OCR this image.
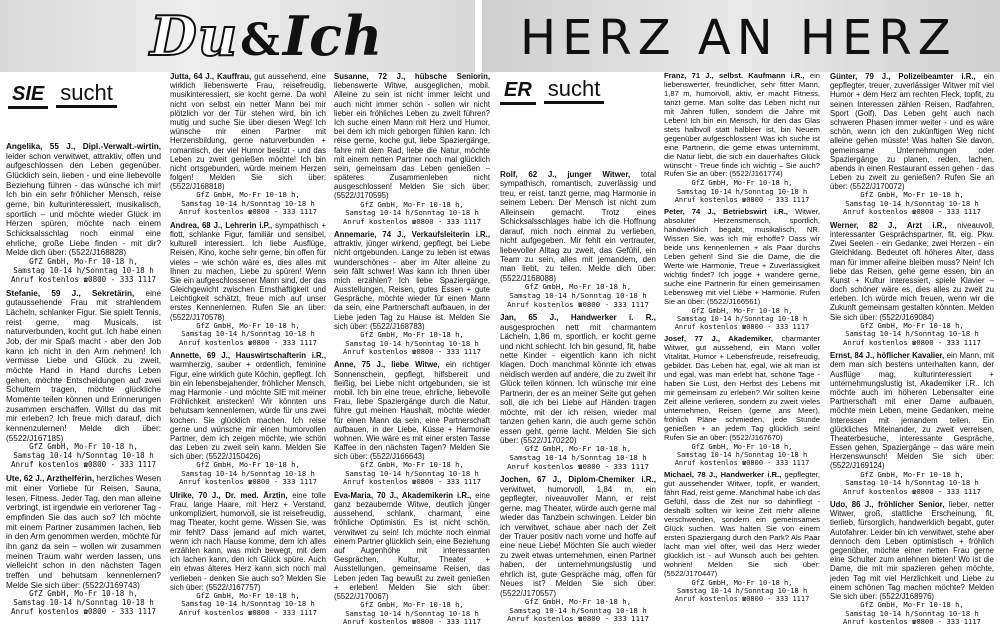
Du&Ich	HERZ AN HERZ
SIE sucht	ER sucht
Angelika, 55 J., Dipl.-Verwalt.-wirtin, leider schon verwitwet, attraktiv, offen und aufgeschlossen den Leben gegenüber. Glücklich sein, lieben - und eine liebevolle Beziehung führen - das wünsche ich mir! Ich bin ein sehr fröhlicher Mensch, reise gerne, bin kulturinteressiert, musikalisch, sportlich – und möchte wieder Glück im Herzen spüren, möchte nach einem Schicksalsschlag noch einmal eine ehrliche, große Liebe finden - mit dir? Melde dich über: (5522/J168828)
GfZ GmbH, Mo-Fr 10-18 h,
Samstag 10-14 h/Sonntag 10-18 h
Anruf kostenlos ☎ 0800 - 333 1117
Stefanie, 59 J., Sekretärin, eine gutaussehende Frau mit strahlendem Lächeln, schlanker Figur. Sie spielt Tennis, reist gerne, mag Musicals, ist naturverbunden, kocht gut. Ich habe einen Job, der mir Spaß macht - aber den Job kann ich nicht in den Arm nehmen! Ich vermisse Liebe und Glück zu zweit, möchte Hand in Hand durchs Leben gehen, möchte Entscheidungen auf zwei Schultern tragen, möchte glückliche Momente teilen können und Erinnerungen zusammen erschaffen. Willst du das mit mir erleben? Ich freue mich darauf, dich kennenzulernen! Melde dich über: (5522/J167185)
GfZ GmbH, Mo-Fr 10-18 h,
Samstag 10-14 h/Sonntag 10-18 h
Anruf kostenlos ☎ 0800 - 333 1117
Ute, 62 J., Arzthelferin, herzliches Wesen mit einer Vorliebe für Reisen, Sauna, lesen, Fitness. Jeder Tag, den man alleine verbringt, ist irgendwie ein verlorener Tag - empfinden Sie das auch so? Ich möchte mit einem Partner zusammen lachen, lieb in den Arm genommen werden, möchte für ihn ganz da sein – wollen wir zusammen meinen Traum wahr werden lassen, uns vielleicht schon in den nächsten Tagen treffen und behutsam kennenlernen? Melde Sie sich über: (5522/J169743)
GfZ GmbH, Mo-Fr 10-18 h,
Samstag 10-14 h/Sonntag 10-18 h
Anruf kostenlos ☎ 0800 - 333 1117
Jutta, 64 J., Kauffrau, gut aussehend, eine wirklich liebenswerte Frau, reisefreudig, musikinteressiert, sie kocht gerne. Da wohl nicht von selbst ein netter Mann bei mir plötzlich vor der Tür stehen wird, bin ich mutig und suche Sie über diesen Weg! Ich wünsche mir einen Partner mit Herzensbildung, gerne naturverbunden + romantisch, der viel Humor besitzt - und das Leben zu zweit genießen möchte! Ich bin nicht ortsgebunden, würde meinem Herzen folgen! Melden Sie sich über: (5522/J168818)
GfZ GmbH, Mo-Fr 10-18 h,
Samstag 10-14 h/Sonntag 10-18 h
Anruf kostenlos ☎ 0800 - 333 1117
Andrea, 68 J., Lehrerin i.P., sympathisch + flott, schlanke Figur, familiär und sensibel, kulturell interessiert. Ich liebe Ausflüge, Reisen, Kino, koche sehr gerne, bin offen für vieles – wie schön wäre es, dies alles mit Ihnen zu machen, Liebe zu spüren! Wenn Sie ein aufgeschlossener Mann sind, der das Gleichgewicht zwischen Ernsthaftigkeit und Leichtigkeit schätzt, freue mich auf unser erstes Kennenlernen. Rufen Sie an über: (5522/J170578)
GfZ GmbH, Mo-Fr 10-18 h,
Samstag 10-14 h/Sonntag 10-18 h
Anruf kostenlos ☎ 0800 - 333 1117
Annette, 69 J., Hauswirtschafterin i.R., warmherzig, sauber + ordentlich, feminine Figur, eine wirklich gute Köchin, gepflegt. Ich bin ein lebensbejahender, fröhlicher Mensch, mag Harmonie - und möchte SIE mit meiner Fröhlichkeit anstecken! Wir könnten uns behutsam kennenlernen, würde für uns zwei kochen. Sie glücklich machen. Ich reise gerne und wünsche mir einen humorvollen Partner, dem ich zeigen möchte, wie schön das Leben zu zweit sein kann. Melden Sie sich über: (5522/J150426)
GfZ GmbH, Mo-Fr 10-18 h,
Samstag 10-14 h/Sonntag 10-18 h
Anruf kostenlos ☎ 0800 - 333 1117
Ulrike, 70 J., Dr. med. Ärztin, eine tolle Frau, lange Haare, mit Herz + Verstand, unkompliziert, humorvoll, sie ist reisefreudig, mag Theater, kocht gerne. Wissen Sie, was mir fehlt? Dass jemand auf mich wartet, wenn ich nach Hause komme, dem ich alles erzählen kann, was mich bewegt, mit dem ich lachen kann, den ich Glück spüre. Auch ein etwas älteres Herz kann sich noch mal verlieben - denken Sie auch so? Melden Sie sich über: (5522/J167757)
GfZ GmbH, Mo-Fr 10-18 h,
Samstag 10-14 h/Sonntag 10-18 h
Anruf kostenlos ☎ 0800 - 333 1117
Susanne, 72 J., hübsche Seniorin, liebenswerte Witwe, ausgeglichen, mobil. Alleine zu sein ist nicht immer leicht und auch nicht immer schön - sollen wir nicht lieber ein fröhliches Leben zu zweit führen? Ich suche einen Mann mit Herz und Humor, bei dem ich mich geborgen fühlen kann. Ich reise gerne, koche gut, liebe Spaziergänge, fahre mit dem Rad, liebe die Natur, möchte mit einem netten Partner noch mal glücklich sein, gemeinsam das Leben genießen – späteres Zusammenleben nicht ausgeschlossen! Melden Sie sich über: (5522/J170595)
GfZ GmbH, Mo-Fr 10-18 h,
Samstag 10-14 h/Sonntag 10-18 h
Anruf kostenlos ☎ 0800 - 333 1117
Annemarie, 74 J., Verkaufsleiterin i.R., attraktiv, jünger wirkend, gepflegt, bei Liebe nicht ortgebunden. Lange zu leben ist etwas wunderschönes - aber im Alter alleine zu sein fällt schwer! Was kann ich Ihnen über mich erzählen? Ich liebe Spaziergänge, Ausstellungen, Reisen, gutes Essen + gute Gespräche, möchte wieder für einen Mann da sein, eine Partnerschaft aufbauen, in der Liebe jeden Tag zu Hause ist. Melden Sie sich über: (5522/J168783)
GfZ GmbH, Mo-Fr 10-18 h,
Samstag 10-14 h/Sonntag 10-18 h
Anruf kostenlos ☎ 0800 - 333 1117
Anne, 75 J., liebe Witwe, ein richtiger Sonnenschein, gepflegt, hilfsbereit und fleißig, bei Liebe nicht ortgebunden, sie ist mobil. Ich bin eine treue, ehrliche, liebevolle Frau, liebe Spaziergänge durch die Natur, führe gut meinen Haushalt, möchte wieder für einen Mann da sein, eine Partnerschaft aufbauen, in der Liebe, Küsse + Harmonie wohnen. Wie wäre es mit einer ersten Tasse Kaffee in den nächsten Tagen? Melden Sie sich über: (5522/J166643)
GfZ GmbH, Mo-Fr 10-18 h,
Samstag 10-14 h/Sonntag 10-18 h
Anruf kostenlos ☎ 0800 - 333 1117
Eva-Maria, 70 J., Akademikerin i.R., eine ganz bezaubernde Witwe, deutlich jünger aussehend, schlank, charmant, eine fröhliche Optimistin. Es ist nicht schön, verwitwet zu sein! Ich möchte noch einmal einem Partner glücklich sein, eine Beziehung auf Augenhöhe mit interessanten Gesprächen, Kultur, Theater + Ausstellungen, gemeinsame Reisen, das Leben jeden Tag bewußt zu zweit genießen + erleben! Melden Sie sich über: (5522/J170067)
GfZ GmbH, Mo-Fr 10-18 h,
Samstag 10-14 h/Sonntag 10-18 h
Anruf kostenlos ☎ 0800 - 333 1117
Rolf, 62 J., junger Witwer, total sympathisch, romantisch, zuverlässig und treu, er reist, tanzt gerne, mag Harmonie in seinem Leben. Der Mensch ist nicht zum Alleinsein gemacht. Trotz eines Schicksalsschlages habe ich die Hoffnung darauf, mich noch einmal zu verlieben, nicht aufgegeben. Mir fehlt ein vertrauter, liebevoller Alltag zu zweit, das Gefühl, ein Team zu sein, alles mit jemandem, den man liebt, zu teilen. Melde dich über: (5522/J168088)
GfZ GmbH, Mo-Fr 10-18 h,
Samstag 10-14 h/Sonntag 10-18 h
Anruf kostenlos ☎ 0800 - 333 1117
Jan, 65 J., Handwerker i. R., ausgesprochen nett mit charmantem Lächeln, 1,86 m, sportlich, er kocht gerne und nicht schlecht. Ich bin gesund, fit, habe nette Kinder - eigentlich kann ich nicht klagen. Doch manchmal könnte ich etwas neidisch werden auf andere, die zu zweit ihr Glück teilen können. Ich wünsche mir eine Partnerin, der es an meiner Seite gut gehen soll, die ich bei Liebe auf Händen tragen möchte, mit der ich reisen, wieder mal tanzen gehen kann, die auch gerne schön essen geht, gerne lacht. Melden Sie sich über: (5522/J170220)
GfZ GmbH, Mo-Fr 10-18 h,
Samstag 10-14 h/Sonntag 10-18 h
Anruf kostenlos ☎ 0800 - 333 1117
Jochen, 67 J., Diplom-Chemiker i.R., verwitwet, humorvoll, 1,84 m, ein gepflegter, niveauvoller Mann, er reist gerne, mag Theater, würde auch gerne mal wieder das Tanzbein schwingen. Leider bin ich verwitwet, schaue aber nach der Zeit der Trauer positiv nach vorne und hoffe auf eine neue Liebe! Möchten Sie auch wieder zu zweit etwas unternehmen, einen Partner haben, der unternehmungslustig und ehrlich ist, gute Gespräche mag, offen für Neues ist? Melden Sie sich über: (5522/J170557)
GfZ GmbH, Mo-Fr 10-18 h,
Samstag 10-14 h/Sonntag 10-18 h
Anruf kostenlos ☎ 0800 - 333 1117
Franz, 71 J., selbst. Kaufmann i.R., ein liebenswerter, freundlicher, sehr fitter Mann, 1,87 m, humorvoll, aktiv, er macht Fitness, tanzt gerne. Man sollte das Leben nicht nur mit Jahren füllen, sondern die Jahre mit Leben! Ich bin ein Mensch, für den das Glas stets halbvoll statt halbleer ist, bin Neuem gegenüber aufgeschlossen! Was ich suche ist eine Partnerin, die gerne etwas unternimmt, die Natur liebt, die sich ein dauerhaftes Glück wünscht - Treue finde ich wichtig – Sie auch? Rufen Sie an über: (5522/J161774)
GfZ GmbH, Mo-Fr 10-18 h,
Samstag 10-14 h/Sonntag 10-18 h
Anruf kostenlos ☎ 0800 - 333 1117
Peter, 74 J., Betriebswirt i.R., Witwer, absoluter Herzensmensch, sportlich, handwerklich begabt, musikalisch, NR. Wissen Sie, was ich mir erhoffe? Dass wir beide uns kennenlernen + als Paar durchs Leben gehen! Sind Sie die Dame, die die Werte wie Harmonie, Treue + Zuverlässigkeit wichtig findet? Ich jogge + wandere gerne, suche eine Partnerin für einen gemeinsamen Lebensweg mit viel Liebe + Harmonie. Rufen Sie an über: (5522/J166561)
GfZ GmbH, Mo-Fr 10-18 h,
Samstag 10-14 h/Sonntag 10-18 h
Anruf kostenlos ☎ 0800 - 333 1117
Josef, 77 J., Akademiker, charmanter Witwer, gut aussehend, ein Mann voller Vitalität, Humor + Lebensfreude, reisefreudig, gebildet. Das Leben hat, egal, wie alt man ist und egal, was man erlebt hat, schöne Tage - haben Sie Lust, den Herbst des Lebens mit mir gemeinsam zu erleben? Wir sollten keine Zeit alleine verlieren, sondern zu zweit vieles unternehmen, Reisen (gerne ans Meer), fröhlich Pläne schmieden, jede Stunde genießen + an jedem Tag glücklich sein! Rufen Sie an über: (5522/J167670)
GfZ GmbH, Mo-Fr 10-18 h,
Samstag 10-14 h/Sonntag 10-18 h
Anruf kostenlos ☎ 0800 - 333 1117
Michael, 78 J., Handwerker i.R., gepflegter, gut aussehender Witwer, topfit, er wandert, fährt Rad, reist gerne. Manchmal habe ich das Gefühl, dass die Zeit nur so dahinfliegt - deshalb sollten wir keine Zeit mehr alleine verschwenden, sondern ein gemeinsames Glück suchen. Was halten Sie von einem ersten Spaziergang durch den Park? Als Paar lacht man viel öfter, weil das Herz wieder glücklich ist - auf Wunsch auch bei gehten. wohnen! Melden Sie sich über: (5522/J170447)
GfZ GmbH, Mo-Fr 10-18 h,
Samstag 10-14 h/Sonntag 10-18 h
Anruf kostenlos ☎ 0800 - 333 1117
Günter, 79 J., Polizeibeamter i.R., ein gepflegter, treuer, zuverlässiger Witwer mit viel Humor + dem Herz am rechten Fleck, topfit, zu seinen Interessen zählen Reisen, Radfahren, Sport (Golf). Das Leben geht auch nach schweren Phasen immer weiter - und es wäre schön, wenn ich den zukünftigen Weg nicht alleine gehen müsste! Was halten Sie davon, gemeinsame Unternehmungen oder Spaziergänge zu planen, reden, lachen, abends in einen Restaurant essen gehen - das Leben zu zweit zu genießen? Rufen Sie an über: (5522/J170072)
GfZ GmbH, Mo-Fr 10-18 h,
Samstag 10-14 h/Sonntag 10-18 h
Anruf kostenlos ☎ 0800 - 333 1117
Werner, 82 J., Arzt i.R., niveauvoll, interessanter Gesprächspartner, fit, eig. Pkw. Zwei Seelen - ein Gedanke; zwei Herzen - ein Gleichklang. Bedeutet oft höheres Alter, dass man für immer alleine bleiben muss? Nein! Ich liebe das Reisen, gehe gerne essen, bin an Kunst + Kultur interessiert, spiele Klavier – doch schöner wäre es, dies alles zu zweit zu erleben. Ich würde mich freuen, wenn wir die Zukunft gemeinsam gestalten könnten. Melden Sie sich über: (5522/J169084)
GfZ GmbH, Mo-Fr 10-18 h,
Samstag 10-14 h/Sonntag 10-18 h
Anruf kostenlos ☎ 0800 - 333 1117
Ernst, 84 J., höflicher Kavalier, ein Mann, mit dem man sich bestens unterhalten kann, der Ausflüge mag, kulturinteressiert + unternehmungslustig ist, Akademiker i.R.. Ich möchte auch im höheren Lebensalter eine Partnerschaft mit einer Dame aufbauen, möchte mein Leben, meine Gedanken, meine Interessen mit jemandem teilen. Ein glückliches Miteinander, zu zweit verreisen, Theaterbesuche, interessante Gespräche, Essen gehen, Spaziergänge – das wäre mein Herzenswunsch! Melden Sie sich über: (5522/J169124)
GfZ GmbH, Mo-Fr 10-18 h,
Samstag 10-14 h/Sonntag 10-18 h
Anruf kostenlos ☎ 0800 - 333 1117
Udo, 86 J., fröhlicher Senior, lieber, netter Witwer, groß, stattliche Erscheinung, fit, tierlieb, fürsorglich, handwerklich begabt, guter Autofahrer. Leider bin ich verwitwet, stehe aber dennoch dem Leben optimistisch + fröhlich gegenüber, möchte einer netten Frau gerne eine Schulter zum anlehnen bieten! Wo ist die Dame, die mit mir spazieren gehen möchte, jeden Tag mit viel Herzlichkeit und Liebe zu einem schönen Tag machen möchte? Melden Sie sich über: (5522/J168976)
GfZ GmbH, Mo-Fr 10-18 h,
Samstag 10-14 h/Sonntag 10-18 h
Anruf kostenlos ☎ 0800 - 333 1117
